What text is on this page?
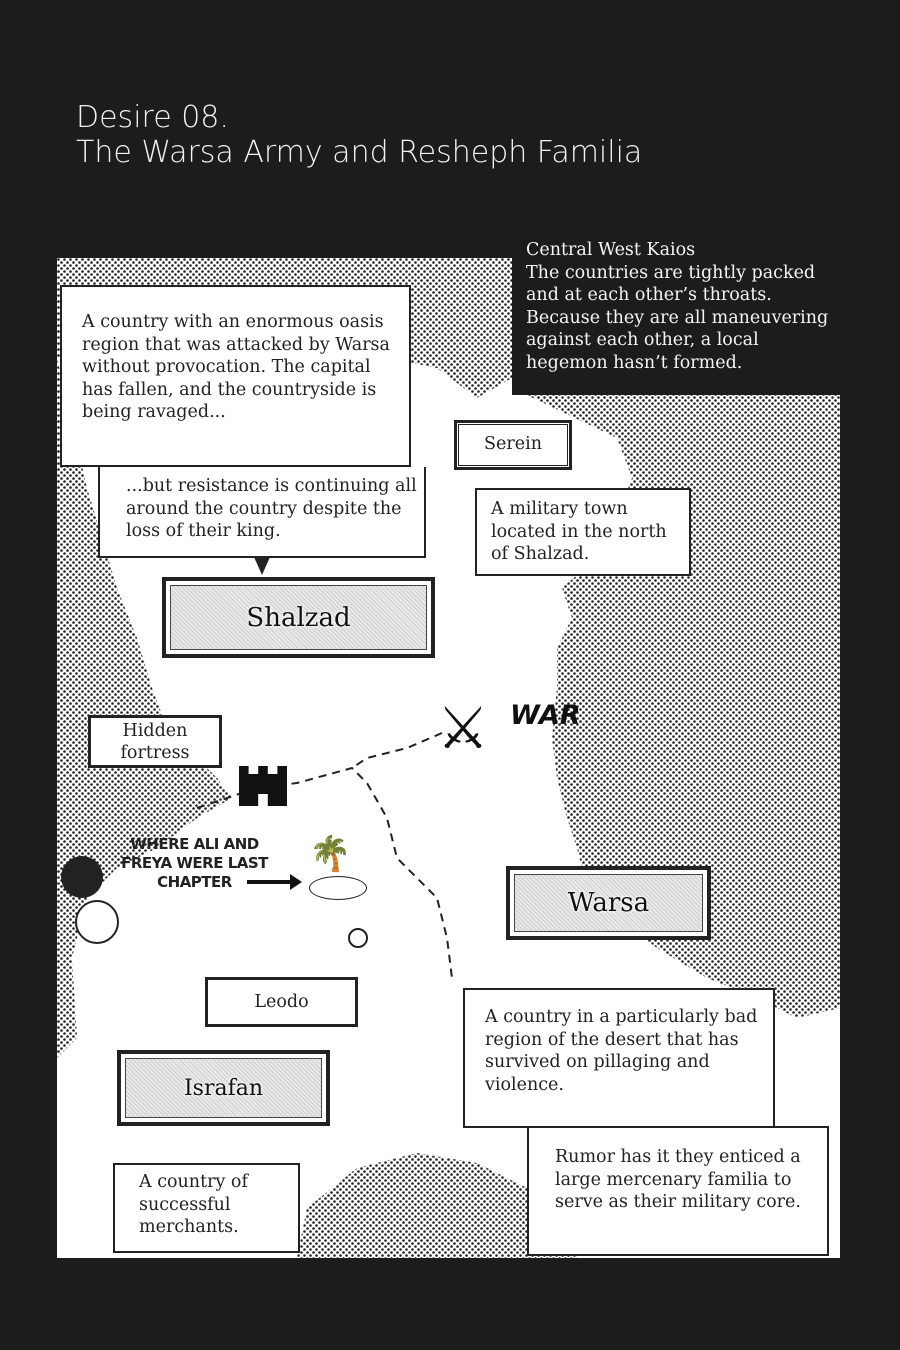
Desire 08.
The Warsa Army and Resheph Familia
A country with an enormous oasis region that was attacked by Warsa without provocation. The capital has fallen, and the countryside is being ravaged...
...but resistance is continuing all around the country despite the loss of their king.
Serein
A military town located in the north of Shalzad.
Shalzad
Hidden fortress	⚔ WAR
WHERE ALI AND FREYA WERE LAST CHAPTER
🌴
Leodo
Israfan
A country of successful merchants.
Warsa
A country in a particularly bad region of the desert that has survived on pillaging and violence.
Rumor has it they enticed a large mercenary familia to serve as their military core.
Central West Kaios
The countries are tightly packed and at each other’s throats. Because they are all maneuvering against each other, a local hegemon hasn’t formed.
